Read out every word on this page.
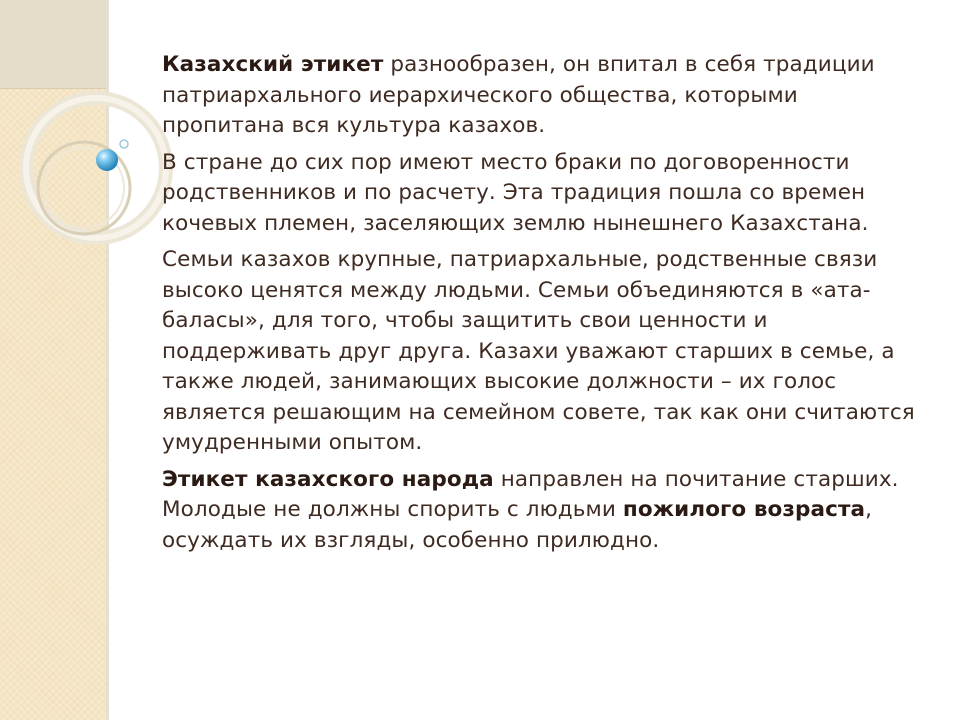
Казахский этикет разнообразен, он впитал в себя традиции патриархального иерархического общества, которыми пропитана вся культура казахов.

В стране до сих пор имеют место браки по договоренности родственников и по расчету. Эта традиция пошла со времен кочевых племен, заселяющих землю нынешнего Казахстана.

Семьи казахов крупные, патриархальные, родственные связи высоко ценятся между людьми. Семьи объединяются в «ата-баласы», для того, чтобы защитить свои ценности и поддерживать друг друга. Казахи уважают старших в семье, а также людей, занимающих высокие должности – их голос является решающим на семейном совете, так как они считаются умудренными опытом.

Этикет казахского народа направлен на почитание старших. Молодые не должны спорить с людьми пожилого возраста, осуждать их взгляды, особенно прилюдно.
